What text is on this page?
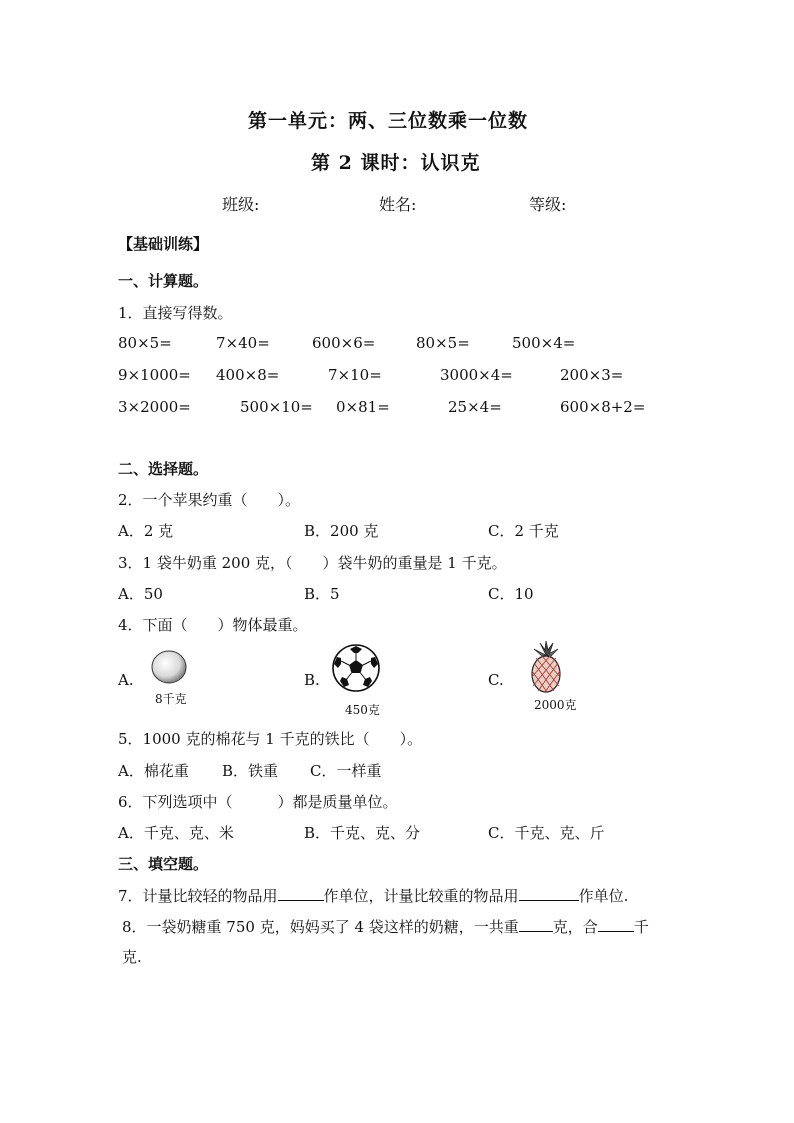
第一单元：两、三位数乘一位数
第 2 课时：认识克
班级:	姓名:	等级:
【基础训练】
一、计算题。
1．直接写得数。
80×5=	7×40=	600×6=	80×5=	500×4=
9×1000= 400×8=	7×10=	3000×4=	200×3=
3×2000=	500×10= 0×81=	25×4=	600×8+2=
二、选择题。
2．一个苹果约重（　　）。
A．2 克	B．200 克	C．2 千克
3．1 袋牛奶重 200 克，（　　）袋牛奶的重量是 1 千克。
A．50	B．5	C．10
4．下面（　　）物体最重。
A.
8千克
B.
450克
C.
2000克
5．1000 克的棉花与 1 千克的铁比（　　）。
A．棉花重 B．铁重 C．一样重
6．下列选项中（　　　）都是质量单位。
A．千克、克、米	B．千克、克、分	C．千克、克、斤
三、填空题。
7．计量比较轻的物品用	作单位，计量比较重的物品用	作单位.
8．一袋奶糖重 750 克，妈妈买了 4 袋这样的奶糖，一共重 克，合 千
克.
